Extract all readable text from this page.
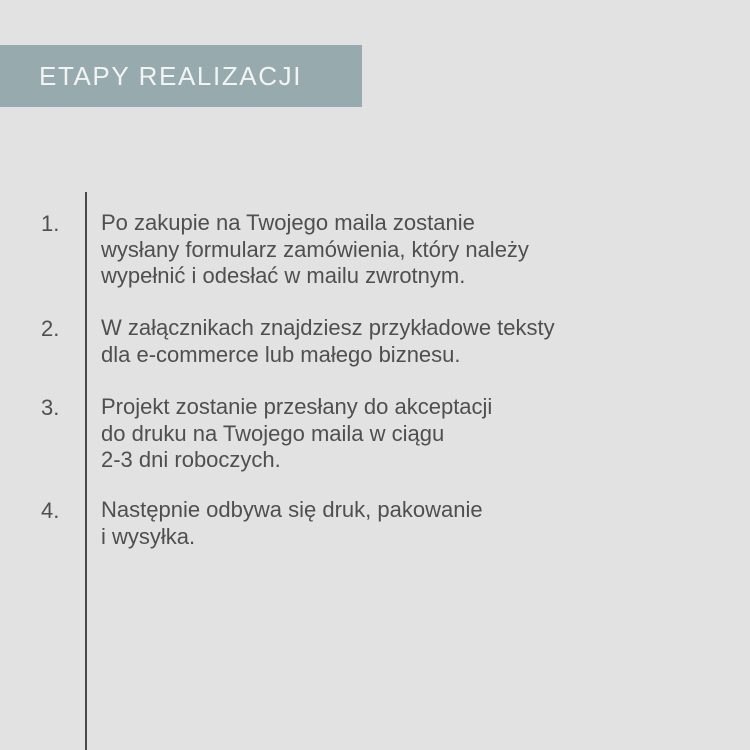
ETAPY REALIZACJI
1. Po zakupie na Twojego maila zostanie
wysłany formularz zamówienia, który należy
wypełnić i odesłać w mailu zwrotnym.
2. W załącznikach znajdziesz przykładowe teksty
dla e-commerce lub małego biznesu.
3. Projekt zostanie przesłany do akceptacji
do druku na Twojego maila w ciągu
2-3 dni roboczych.
4. Następnie odbywa się druk, pakowanie
i wysyłka.
